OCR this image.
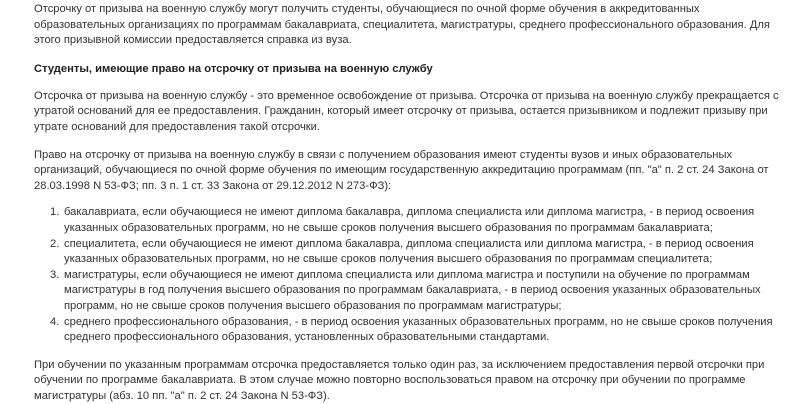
Отсрочку от призыва на военную службу могут получить студенты, обучающиеся по очной форме обучения в аккредитованных образовательных организациях по программам бакалавриата, специалитета, магистратуры, среднего профессионального образования. Для этого призывной комиссии предоставляется справка из вуза.

Студенты, имеющие право на отсрочку от призыва на военную службу

Отсрочка от призыва на военную службу - это временное освобождение от призыва. Отсрочка от призыва на военную службу прекращается с утратой оснований для ее предоставления. Гражданин, который имеет отсрочку от призыва, остается призывником и подлежит призыву при утрате оснований для предоставления такой отсрочки.

Право на отсрочку от призыва на военную службу в связи с получением образования имеют студенты вузов и иных образовательных организаций, обучающиеся по очной форме обучения по имеющим государственную аккредитацию программам (пп. "а" п. 2 ст. 24 Закона от 28.03.1998 N 53-ФЗ; пп. 3 п. 1 ст. 33 Закона от 29.12.2012 N 273-ФЗ):

1. бакалавриата, если обучающиеся не имеют диплома бакалавра, диплома специалиста или диплома магистра, - в период освоения указанных образовательных программ, но не свыше сроков получения высшего образования по программам бакалавриата;
2. специалитета, если обучающиеся не имеют диплома бакалавра, диплома специалиста или диплома магистра, - в период освоения указанных образовательных программ, но не свыше сроков получения высшего образования по программам специалитета;
3. магистратуры, если обучающиеся не имеют диплома специалиста или диплома магистра и поступили на обучение по программам магистратуры в год получения высшего образования по программам бакалавриата, - в период освоения указанных образовательных программ, но не свыше сроков получения высшего образования по программам магистратуры;
4. среднего профессионального образования, - в период освоения указанных образовательных программ, но не свыше сроков получения среднего профессионального образования, установленных образовательными стандартами.

При обучении по указанным программам отсрочка предоставляется только один раз, за исключением предоставления первой отсрочки при обучении по программе бакалавриата. В этом случае можно повторно воспользоваться правом на отсрочку при обучении по программе магистратуры (абз. 10 пп. "а" п. 2 ст. 24 Закона N 53-ФЗ).
